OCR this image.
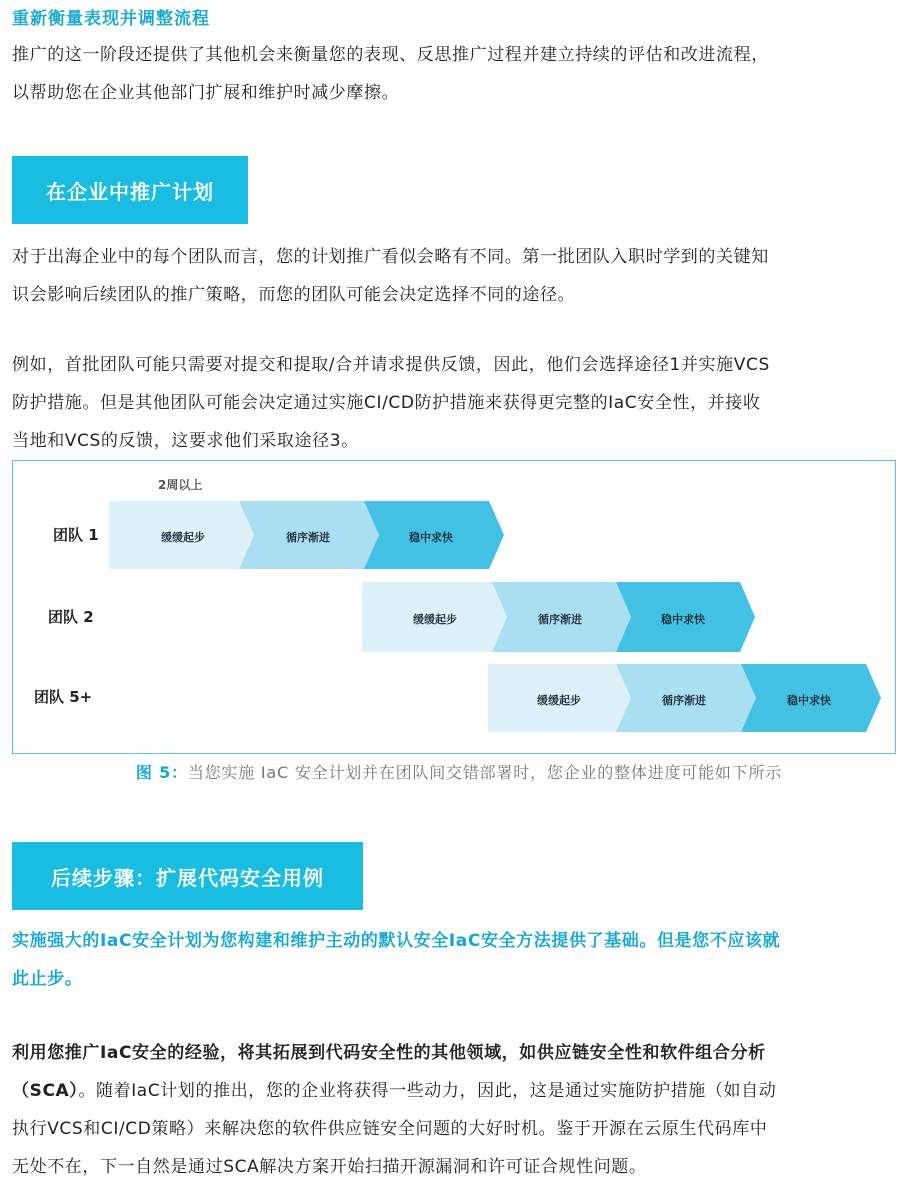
重新衡量表现并调整流程

推广的这一阶段还提供了其他机会来衡量您的表现、反思推广过程并建立持续的评估和改进流程，
以帮助您在企业其他部门扩展和维护时减少摩擦。

在企业中推广计划

对于出海企业中的每个团队而言，您的计划推广看似会略有不同。第一批团队入职时学到的关键知
识会影响后续团队的推广策略，而您的团队可能会决定选择不同的途径。

例如，首批团队可能只需要对提交和提取/合并请求提供反馈，因此，他们会选择途径1并实施VCS
防护措施。但是其他团队可能会决定通过实施CI/CD防护措施来获得更完整的IaC安全性，并接收
当地和VCS的反馈，这要求他们采取途径3。

2周以上
团队 1
团队 2
团队 5+
缓缓起步	循序渐进	稳中求快
缓缓起步	循序渐进	稳中求快
缓缓起步	循序渐进	稳中求快
图 5：当您实施 IaC 安全计划并在团队间交错部署时，您企业的整体进度可能如下所示
后续步骤：扩展代码安全用例

实施强大的IaC安全计划为您构建和维护主动的默认安全IaC安全方法提供了基础。但是您不应该就
此止步。

利用您推广IaC安全的经验，将其拓展到代码安全性的其他领域，如供应链安全性和软件组合分析
（SCA）。随着IaC计划的推出，您的企业将获得一些动力，因此，这是通过实施防护措施（如自动
执行VCS和CI/CD策略）来解决您的软件供应链安全问题的大好时机。鉴于开源在云原生代码库中
无处不在，下一自然是通过SCA解决方案开始扫描开源漏洞和许可证合规性问题。
